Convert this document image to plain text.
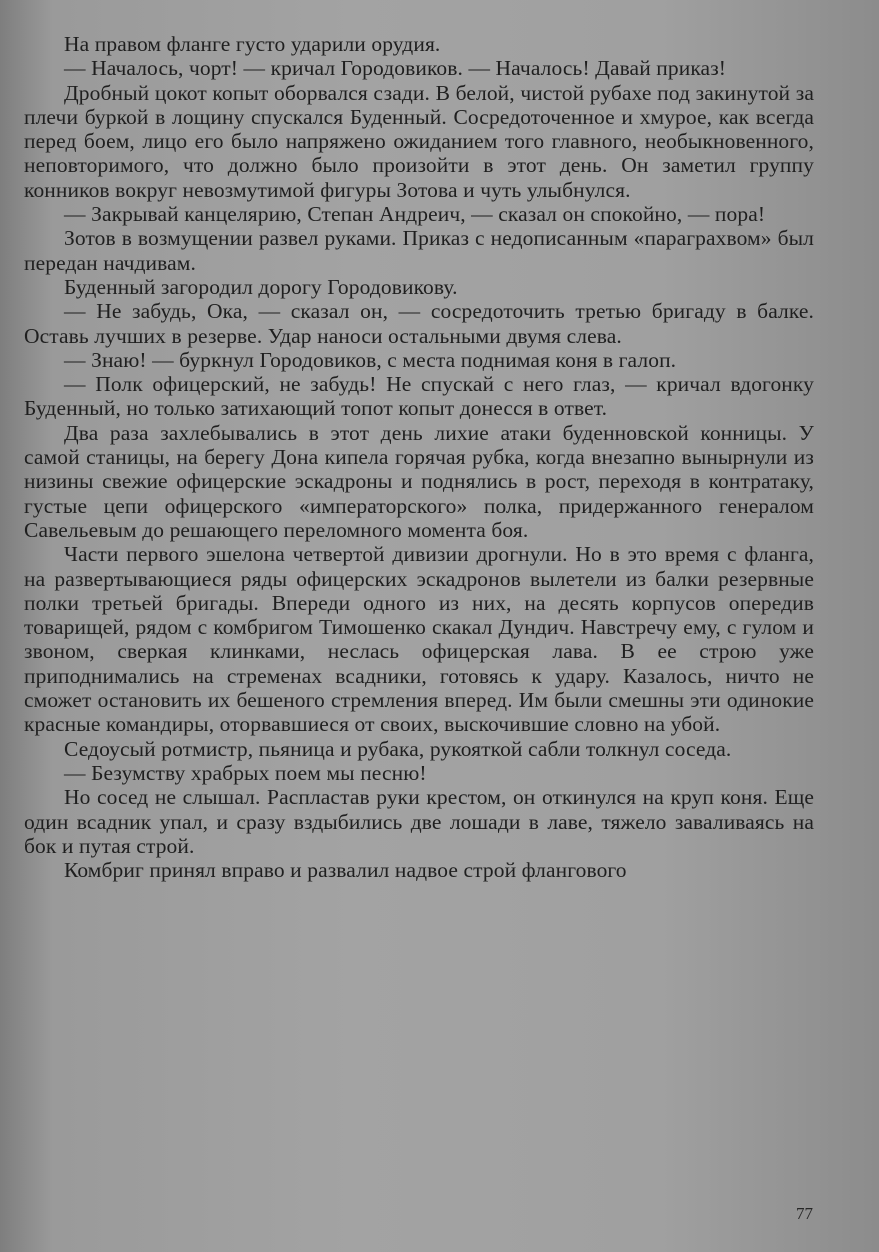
На правом фланге густо ударили орудия.

— Началось, чорт! — кричал Городовиков. — Началось! Давай приказ!

Дробный цокот копыт оборвался сзади. В белой, чистой рубахе под закинутой за плечи буркой в лощину спускался Буденный. Сосредоточенное и хмурое, как всегда перед боем, лицо его было напряжено ожиданием того главного, необыкновенного, неповторимого, что должно было произойти в этот день. Он заметил группу конников вокруг невозмутимой фигуры Зотова и чуть улыбнулся.

— Закрывай канцелярию, Степан Андреич, — сказал он спокойно, — пора!

Зотов в возмущении развел руками. Приказ с недописанным «параграхвом» был передан начдивам.

Буденный загородил дорогу Городовикову.

— Не забудь, Ока, — сказал он, — сосредоточить третью бригаду в балке. Оставь лучших в резерве. Удар наноси остальными двумя слева.

— Знаю! — буркнул Городовиков, с места поднимая коня в галоп.

— Полк офицерский, не забудь! Не спускай с него глаз, — кричал вдогонку Буденный, но только затихающий топот копыт донесся в ответ.

Два раза захлебывались в этот день лихие атаки буденновской конницы. У самой станицы, на берегу Дона кипела горячая рубка, когда внезапно вынырнули из низины свежие офицерские эскадроны и поднялись в рост, переходя в контратаку, густые цепи офицерского «императорского» полка, придержанного генералом Савельевым до решающего переломного момента боя.

Части первого эшелона четвертой дивизии дрогнули. Но в это время с фланга, на развертывающиеся ряды офицерских эскадронов вылетели из балки резервные полки третьей бригады. Впереди одного из них, на десять корпусов опередив товарищей, рядом с комбригом Тимошенко скакал Дундич. Навстречу ему, с гулом и звоном, сверкая клинками, неслась офицерская лава. В ее строю уже приподнимались на стременах всадники, готовясь к удару. Казалось, ничто не сможет остановить их бешеного стремления вперед. Им были смешны эти одинокие красные командиры, оторвавшиеся от своих, выскочившие словно на убой.

Седоусый ротмистр, пьяница и рубака, рукояткой сабли толкнул соседа.

— Безумству храбрых поем мы песню!

Но сосед не слышал. Распластав руки крестом, он откинулся на круп коня. Еще один всадник упал, и сразу вздыбились две лошади в лаве, тяжело заваливаясь на бок и путая строй.

Комбриг принял вправо и развалил надвое строй флангового

77
